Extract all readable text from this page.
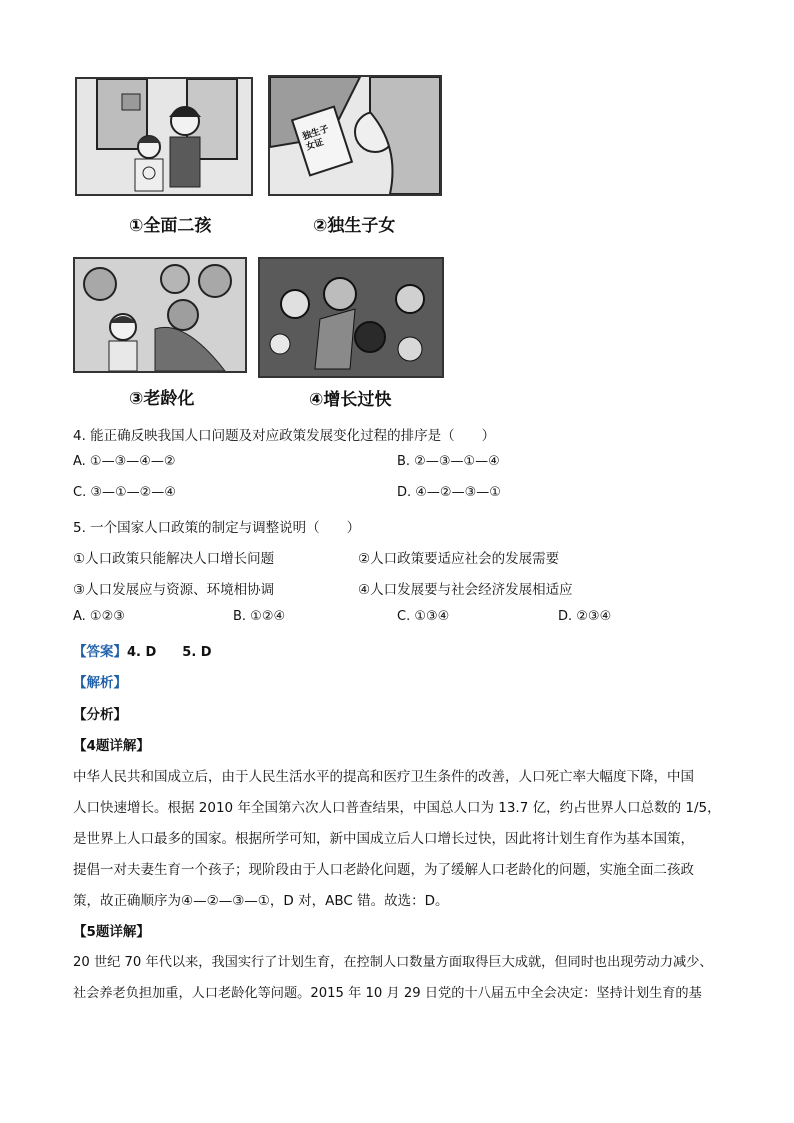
①全面二孩
独生子女证
②独生子女
③老龄化	④增长过快
4. 能正确反映我国人口问题及对应政策发展变化过程的排序是（　　）
A. ①—③—④—②	B. ②—③—①—④
C. ③—①—②—④	D. ④—②—③—①
5. 一个国家人口政策的制定与调整说明（　　）
①人口政策只能解决人口增长问题	②人口政策要适应社会的发展需要
③人口发展应与资源、环境相协调	④人口发展要与社会经济发展相适应
A. ①②③	B. ①②④	C. ①③④	D. ②③④
【答案】4. D　　5. D
【解析】
【分析】
【4题详解】
中华人民共和国成立后，由于人民生活水平的提高和医疗卫生条件的改善，人口死亡率大幅度下降，中国
人口快速增长。根据 2010 年全国第六次人口普查结果，中国总人口为 13.7 亿，约占世界人口总数的 1/5，
是世界上人口最多的国家。根据所学可知，新中国成立后人口增长过快，因此将计划生育作为基本国策，
提倡一对夫妻生育一个孩子；现阶段由于人口老龄化问题，为了缓解人口老龄化的问题，实施全面二孩政
策，故正确顺序为④—②—③—①，D 对，ABC 错。故选：D。
【5题详解】
20 世纪 70 年代以来，我国实行了计划生育，在控制人口数量方面取得巨大成就，但同时也出现劳动力减少、
社会养老负担加重，人口老龄化等问题。2015 年 10 月 29 日党的十八届五中全会决定：坚持计划生育的基
